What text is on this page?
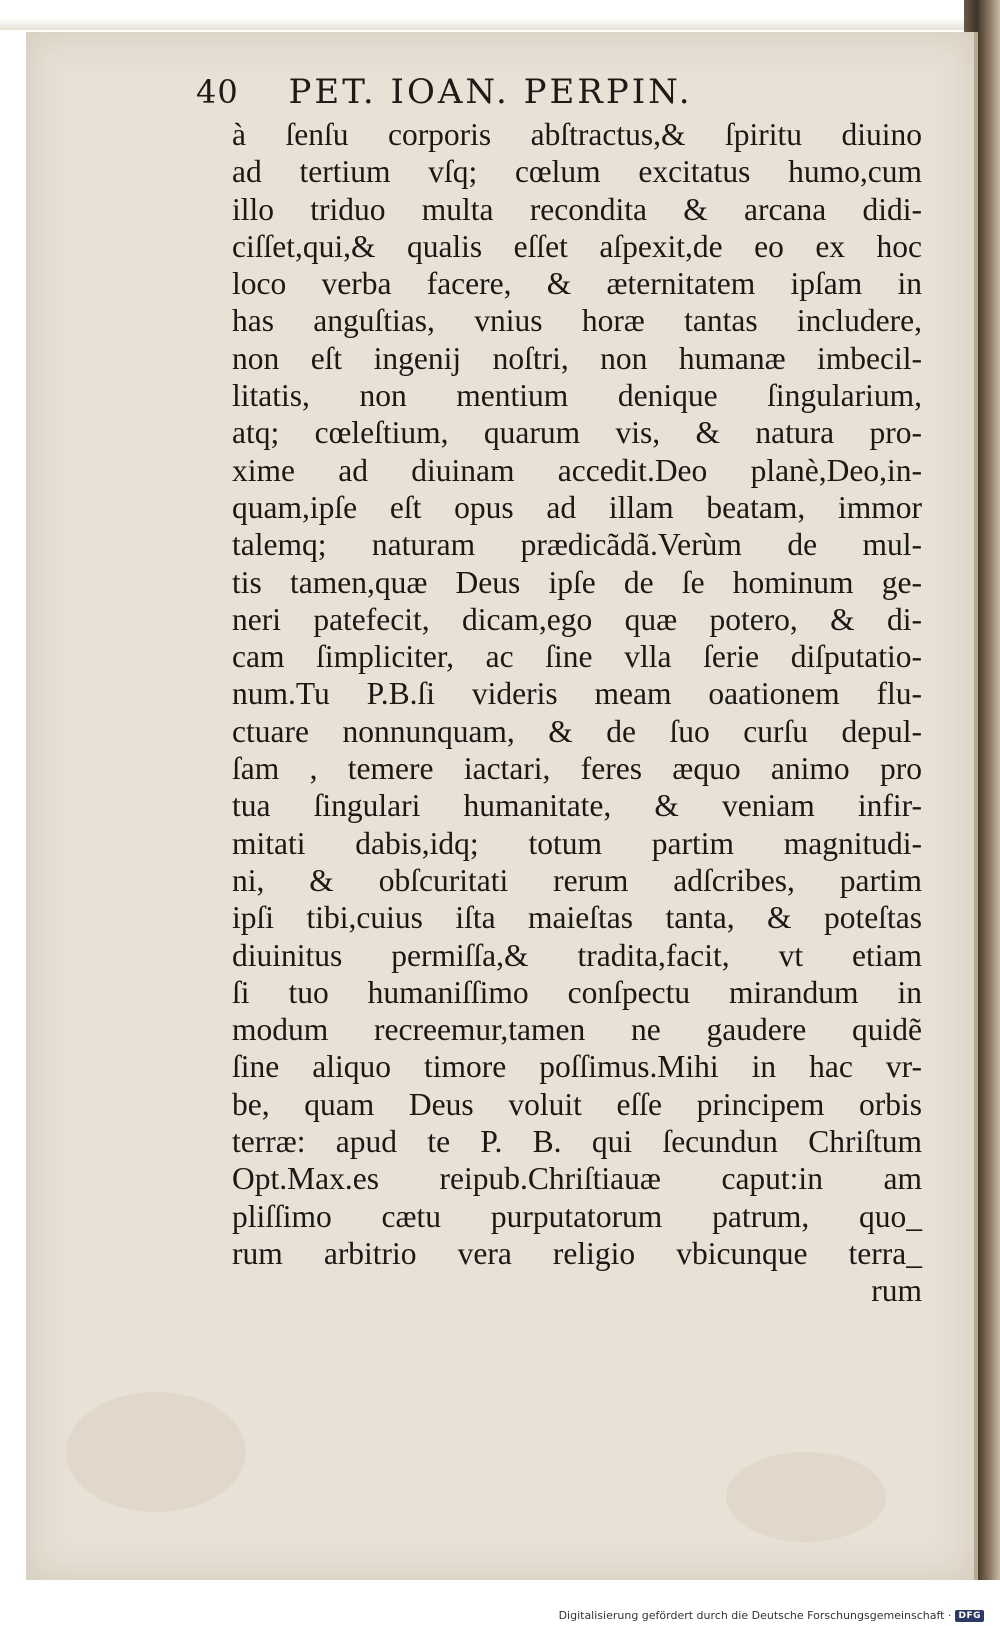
40 PET. IOAN. PERPIN.
à ſenſu corporis abſtractus,& ſpiritu diuino
ad tertium vſq; cœlum excitatus humo,cum
illo triduo multa recondita & arcana didi-
ciſſet,qui,& qualis eſſet aſpexit,de eo ex hoc
loco verba facere, & æternitatem ipſam in
has anguſtias, vnius horæ tantas includere,
non eſt ingenij noſtri, non humanæ imbecil-
litatis, non mentium denique ſingularium,
atq; cœleſtium, quarum vis, & natura pro-
xime ad diuinam accedit.Deo planè,Deo,in-
quam,ipſe eſt opus ad illam beatam, immor
talemq; naturam prædicãdã.Verùm de mul-
tis tamen,quæ Deus ipſe de ſe hominum ge-
neri patefecit, dicam,ego quæ potero, & di-
cam ſimpliciter, ac ſine vlla ſerie diſputatio-
num.Tu P.B.ſi videris meam oaationem flu-
ctuare nonnunquam, & de ſuo curſu depul-
ſam , temere iactari, feres æquo animo pro
tua ſingulari humanitate, & veniam infir-
mitati dabis,idq; totum partim magnitudi-
ni, & obſcuritati rerum adſcribes, partim
ipſi tibi,cuius iſta maieſtas tanta, & poteſtas
diuinitus permiſſa,& tradita,facit, vt etiam
ſi tuo humaniſſimo conſpectu mirandum in
modum recreemur,tamen ne gaudere quidẽ
ſine aliquo timore poſſimus.Mihi in hac vr-
be, quam Deus voluit eſſe principem orbis
terræ: apud te P. B. qui ſecundun Chriſtum
Opt.Max.es reipub.Chriſtiauæ caput:in am
pliſſimo cætu purputatorum patrum, quo_
rum arbitrio vera religio vbicunque terra_
rum
Digitalisierung gefördert durch die Deutsche Forschungsgemeinschaft · DFG
